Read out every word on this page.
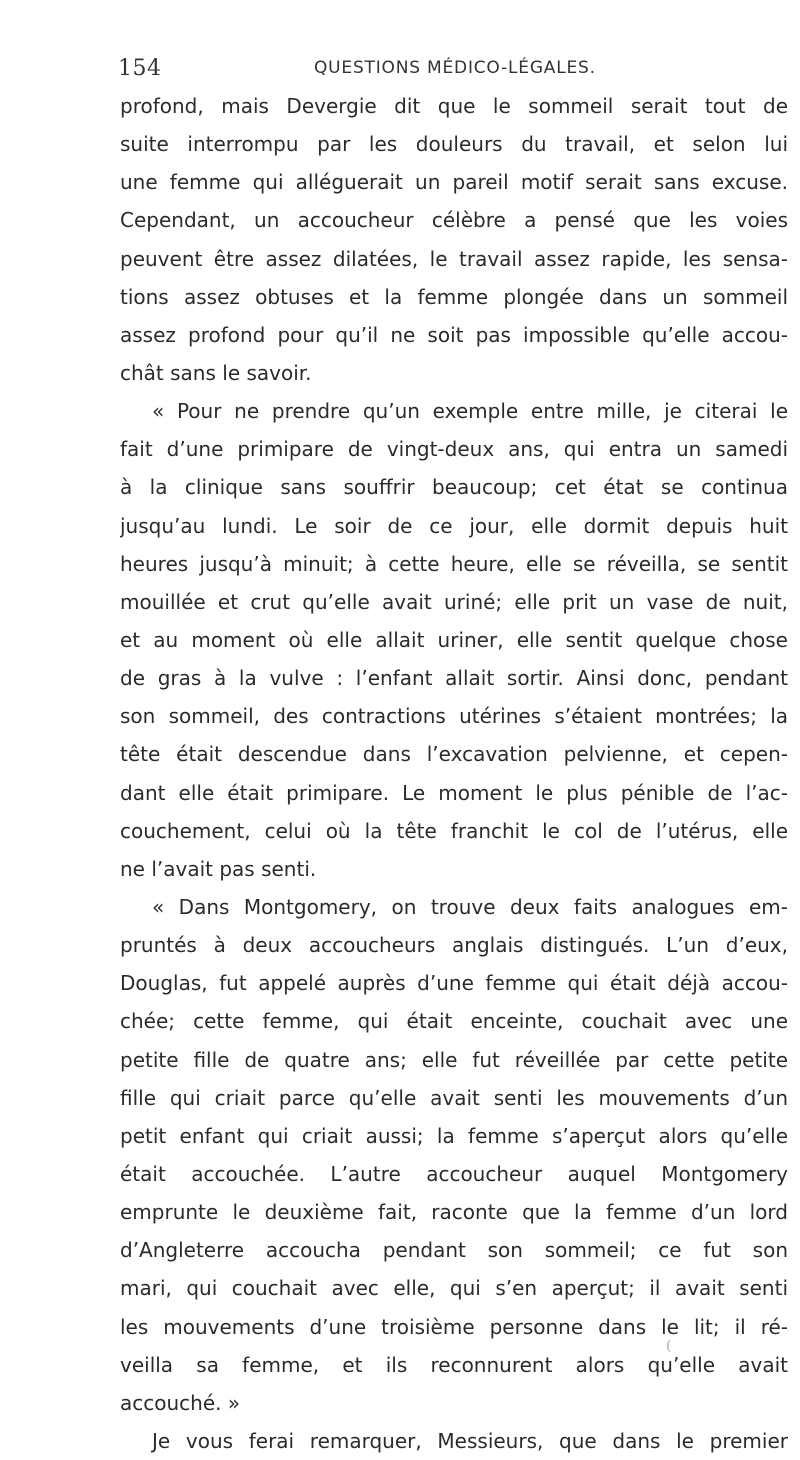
154	QUESTIONS MÉDICO-LÉGALES.
profond, mais Devergie dit que le sommeil serait tout de
suite interrompu par les douleurs du travail, et selon lui
une femme qui alléguerait un pareil motif serait sans excuse.
Cependant, un accoucheur célèbre a pensé que les voies
peuvent être assez dilatées, le travail assez rapide, les sensa-
tions assez obtuses et la femme plongée dans un sommeil
assez profond pour qu’il ne soit pas impossible qu’elle accou-
chât sans le savoir.
« Pour ne prendre qu’un exemple entre mille, je citerai le
fait d’une primipare de vingt-deux ans, qui entra un samedi
à la clinique sans souffrir beaucoup; cet état se continua
jusqu’au lundi. Le soir de ce jour, elle dormit depuis huit
heures jusqu’à minuit; à cette heure, elle se réveilla, se sentit
mouillée et crut qu’elle avait uriné; elle prit un vase de nuit,
et au moment où elle allait uriner, elle sentit quelque chose
de gras à la vulve : l’enfant allait sortir. Ainsi donc, pendant
son sommeil, des contractions utérines s’étaient montrées; la
tête était descendue dans l’excavation pelvienne, et cepen-
dant elle était primipare. Le moment le plus pénible de l’ac-
couchement, celui où la tête franchit le col de l’utérus, elle
ne l’avait pas senti.
« Dans Montgomery, on trouve deux faits analogues em-
pruntés à deux accoucheurs anglais distingués. L’un d’eux,
Douglas, fut appelé auprès d’une femme qui était déjà accou-
chée; cette femme, qui était enceinte, couchait avec une
petite fille de quatre ans; elle fut réveillée par cette petite
fille qui criait parce qu’elle avait senti les mouvements d’un
petit enfant qui criait aussi; la femme s’aperçut alors qu’elle
était accouchée. L’autre accoucheur auquel Montgomery
emprunte le deuxième fait, raconte que la femme d’un lord
d’Angleterre accoucha pendant son sommeil; ce fut son
mari, qui couchait avec elle, qui s’en aperçut; il avait senti
les mouvements d’une troisième personne dans le lit; il ré-
veilla sa femme, et ils reconnurent alors qu’elle avait
accouché. »
Je vous ferai remarquer, Messieurs, que dans le premier
(
